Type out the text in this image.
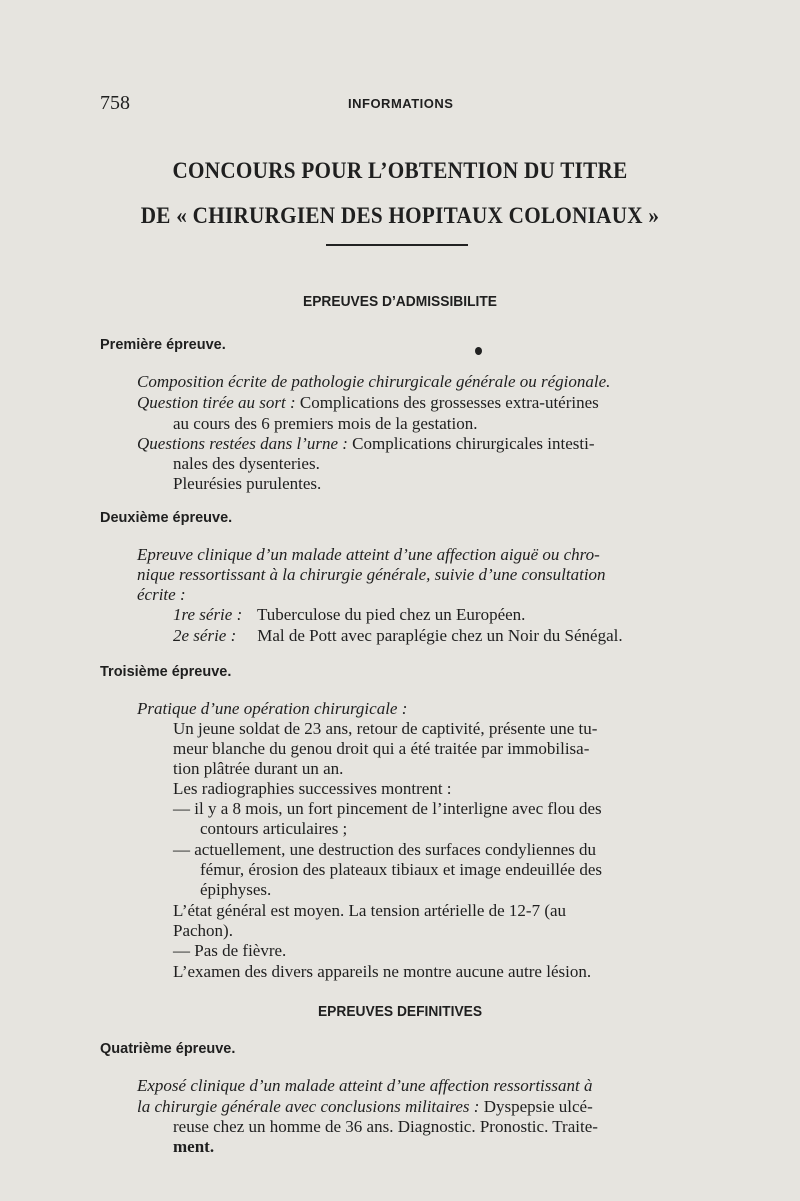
758	INFORMATIONS
CONCOURS POUR L’OBTENTION DU TITRE
DE « CHIRURGIEN DES HOPITAUX COLONIAUX »
EPREUVES D’ADMISSIBILITE
Première épreuve.
Composition écrite de pathologie chirurgicale générale ou régionale.
Question tirée au sort : Complications des grossesses extra-utérines
au cours des 6 premiers mois de la gestation.
Questions restées dans l’urne : Complications chirurgicales intesti-
nales des dysenteries.
Pleurésies purulentes.
Deuxième épreuve.
Epreuve clinique d’un malade atteint d’une affection aiguë ou chro-
nique ressortissant à la chirurgie générale, suivie d’une consultation
écrite :
1re série : Tuberculose du pied chez un Européen.
2e série : Mal de Pott avec paraplégie chez un Noir du Sénégal.
Troisième épreuve.
Pratique d’une opération chirurgicale :
Un jeune soldat de 23 ans, retour de captivité, présente une tu-
meur blanche du genou droit qui a été traitée par immobilisa-
tion plâtrée durant un an.
Les radiographies successives montrent :
— il y a 8 mois, un fort pincement de l’interligne avec flou des
contours articulaires ;
— actuellement, une destruction des surfaces condyliennes du
fémur, érosion des plateaux tibiaux et image endeuillée des
épiphyses.
L’état général est moyen. La tension artérielle de 12-7 (au
Pachon).
— Pas de fièvre.
L’examen des divers appareils ne montre aucune autre lésion.
EPREUVES DEFINITIVES
Quatrième épreuve.
Exposé clinique d’un malade atteint d’une affection ressortissant à
la chirurgie générale avec conclusions militaires : Dyspepsie ulcé-
reuse chez un homme de 36 ans. Diagnostic. Pronostic. Traite-
ment.
